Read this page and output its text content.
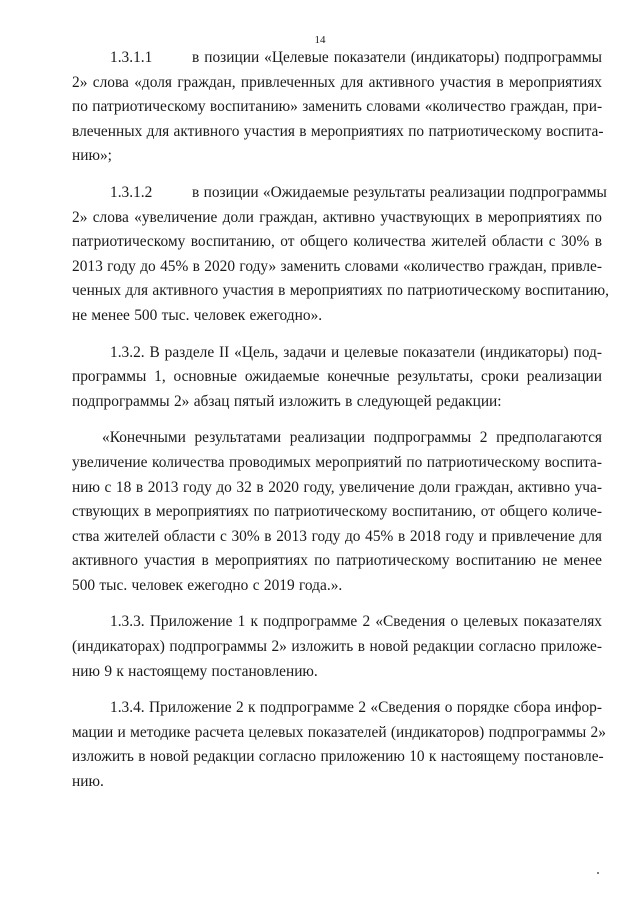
14
1.3.1.1	в позиции «Целевые показатели (индикаторы) подпрограммы
2» слова «доля граждан, привлеченных для активного участия в мероприятиях
по патриотическому воспитанию» заменить словами «количество граждан, при-
влеченных для активного участия в мероприятиях по патриотическому воспита-
нию»;
1.3.1.2	в позиции «Ожидаемые результаты реализации подпрограммы
2» слова «увеличение доли граждан, активно участвующих в мероприятиях по
патриотическому воспитанию, от общего количества жителей области с 30% в
2013 году до 45% в 2020 году» заменить словами «количество граждан, привле-
ченных для активного участия в мероприятиях по патриотическому воспитанию,
не менее 500 тыс. человек ежегодно».
1.3.2. В разделе II «Цель, задачи и целевые показатели (индикаторы) под-
программы 1, основные ожидаемые конечные результаты, сроки реализации
подпрограммы 2» абзац пятый изложить в следующей редакции:
«Конечными результатами реализации подпрограммы 2 предполагаются
увеличение количества проводимых мероприятий по патриотическому воспита-
нию с 18 в 2013 году до 32 в 2020 году, увеличение доли граждан, активно уча-
ствующих в мероприятиях по патриотическому воспитанию, от общего количе-
ства жителей области с 30% в 2013 году до 45% в 2018 году и привлечение для
активного участия в мероприятиях по патриотическому воспитанию не менее
500 тыс. человек ежегодно с 2019 года.».
1.3.3. Приложение 1 к подпрограмме 2 «Сведения о целевых показателях
(индикаторах) подпрограммы 2» изложить в новой редакции согласно приложе-
нию 9 к настоящему постановлению.
1.3.4. Приложение 2 к подпрограмме 2 «Сведения о порядке сбора инфор-
мации и методике расчета целевых показателей (индикаторов) подпрограммы 2»
изложить в новой редакции согласно приложению 10 к настоящему постановле-
нию.
